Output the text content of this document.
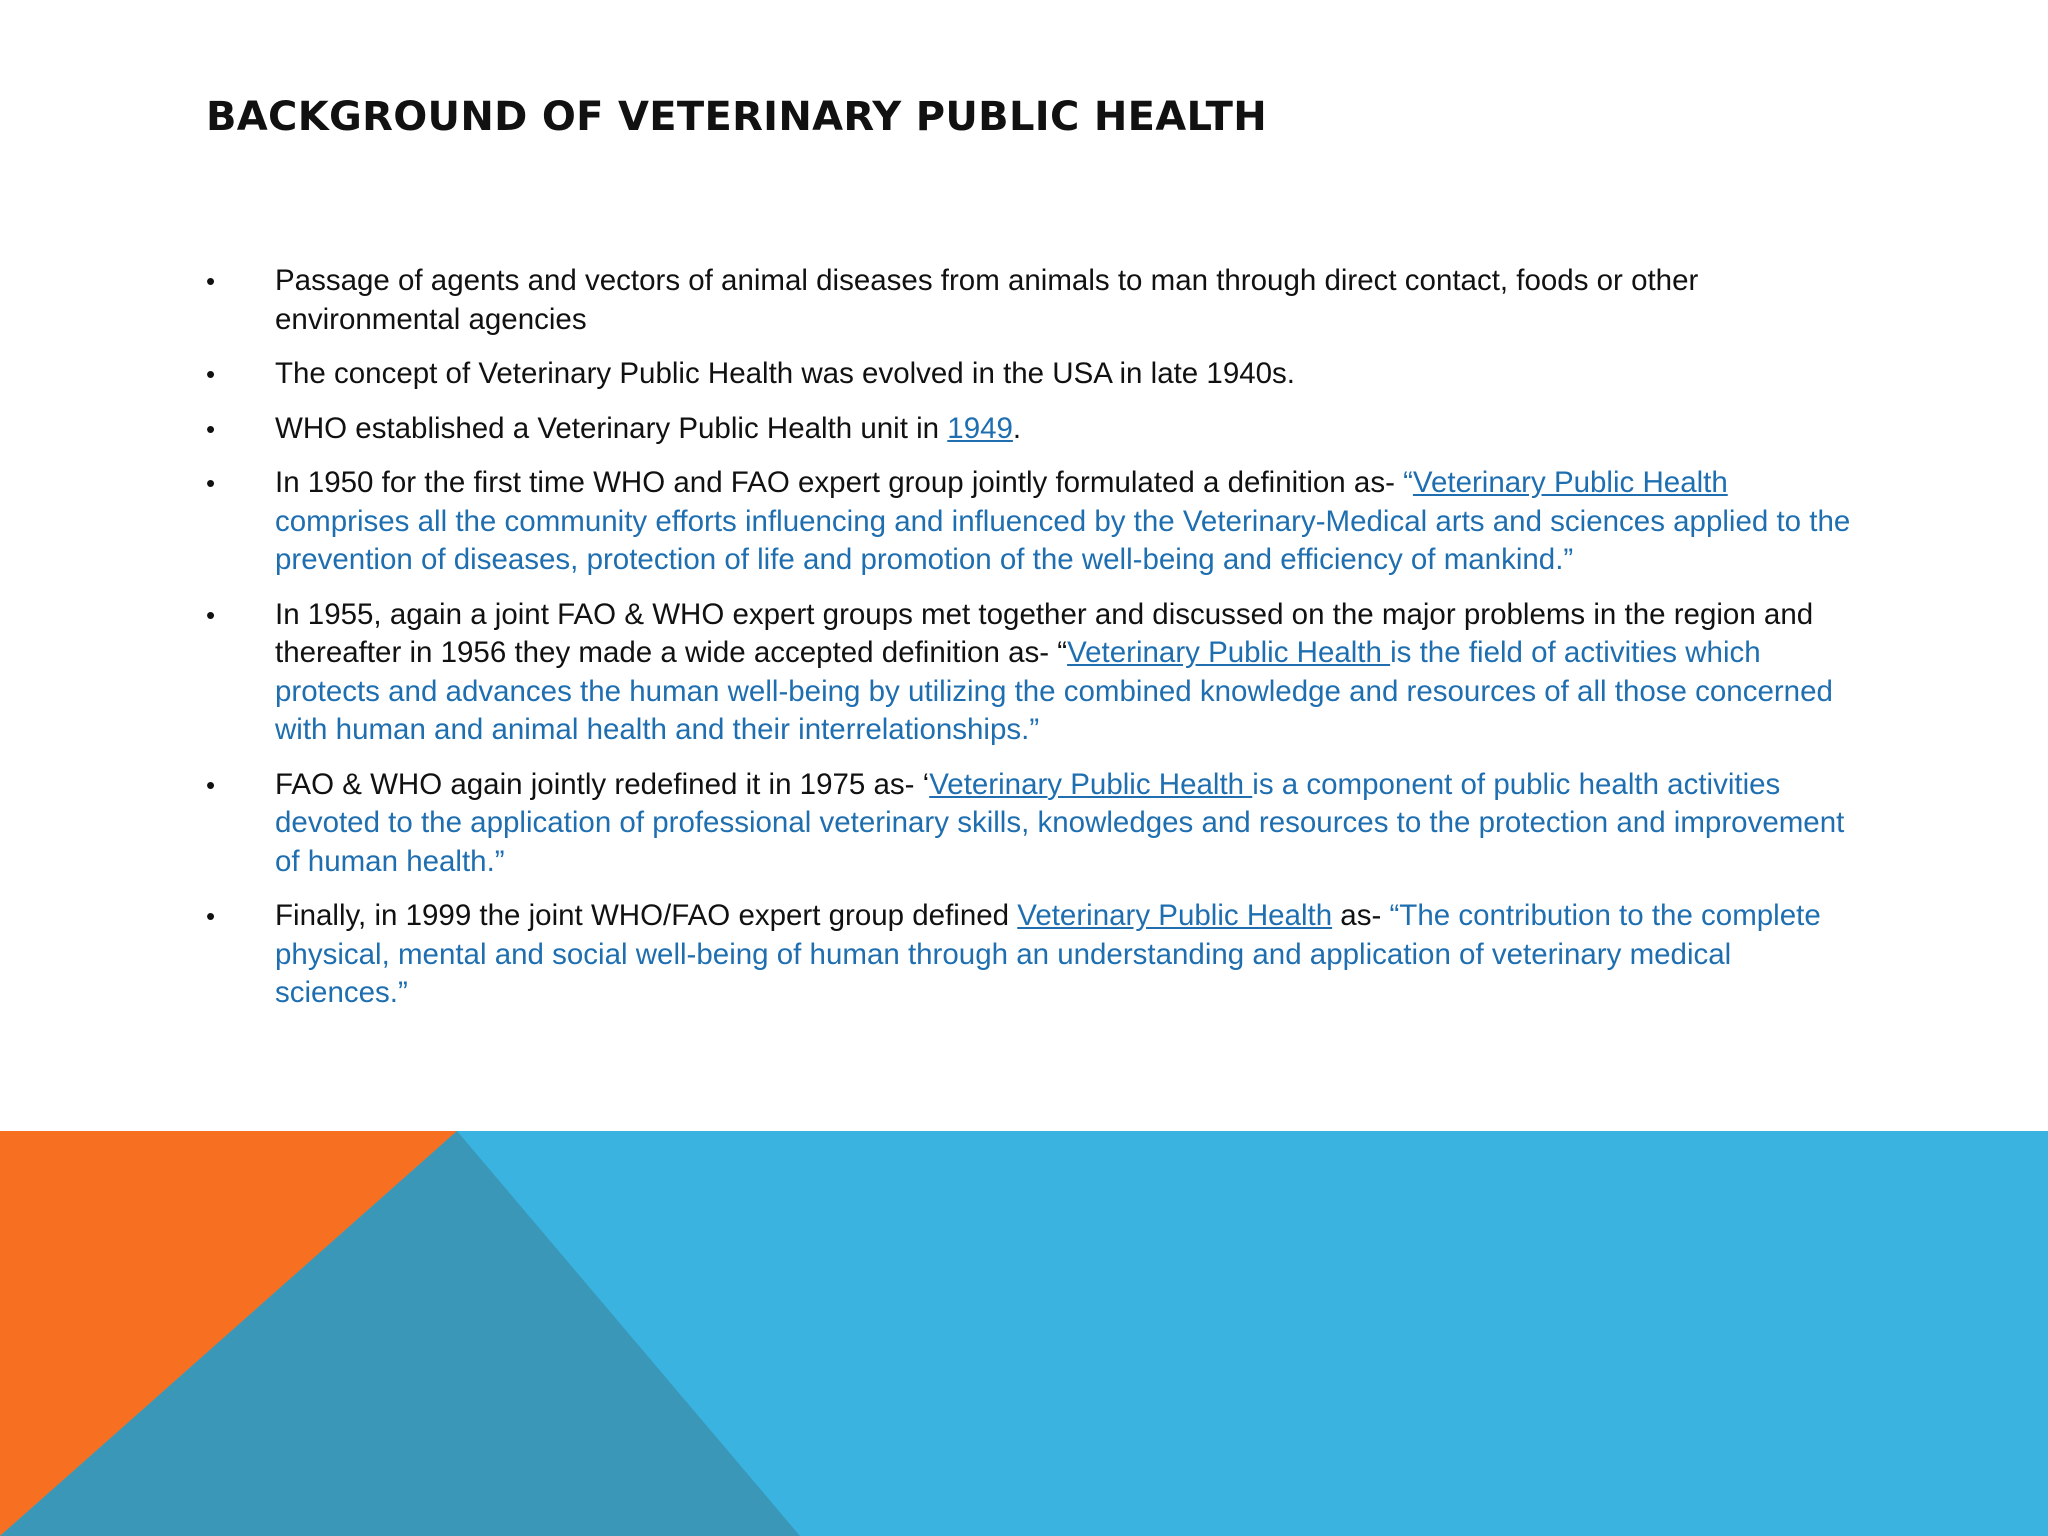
BACKGROUND OF VETERINARY PUBLIC HEALTH
• Passage of agents and vectors of animal diseases from animals to man through direct contact, foods or other environmental agencies
• The concept of Veterinary Public Health was evolved in the USA in late 1940s.
• WHO established a Veterinary Public Health unit in 1949.
• In 1950 for the first time WHO and FAO expert group jointly formulated a definition as- “Veterinary Public Health comprises all the community efforts influencing and influenced by the Veterinary-Medical arts and sciences applied to the prevention of diseases, protection of life and promotion of the well-being and efficiency of mankind.”
• In 1955, again a joint FAO & WHO expert groups met together and discussed on the major problems in the region and thereafter in 1956 they made a wide accepted definition as- “Veterinary Public Health is the field of activities which protects and advances the human well-being by utilizing the combined knowledge and resources of all those concerned with human and animal health and their interrelationships.”
• FAO & WHO again jointly redefined it in 1975 as- ‘Veterinary Public Health is a component of public health activities devoted to the application of professional veterinary skills, knowledges and resources to the protection and improvement of human health.”
• Finally, in 1999 the joint WHO/FAO expert group defined Veterinary Public Health as- “The contribution to the complete physical, mental and social well-being of human through an understanding and application of veterinary medical sciences.”
